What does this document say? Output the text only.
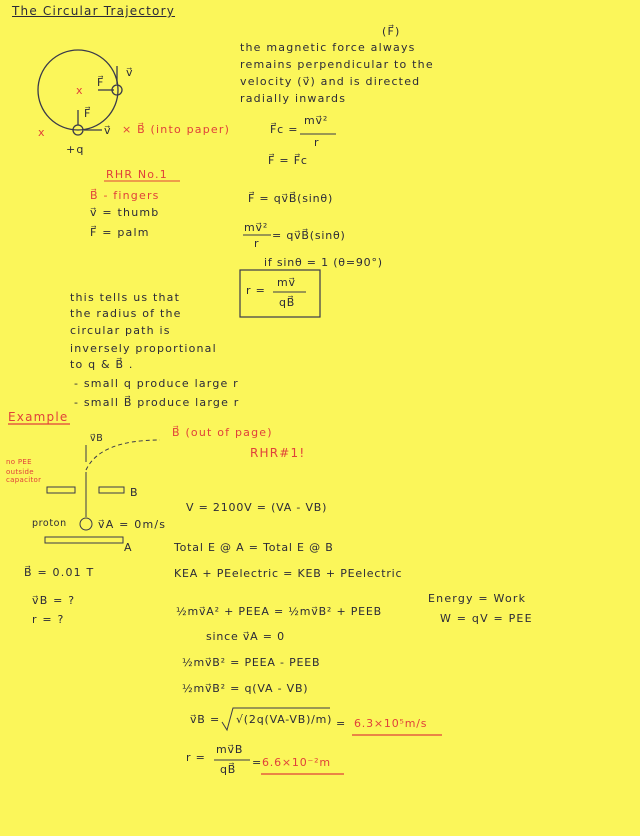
The Circular Trajectory
(F⃗)
the magnetic force always
remains perpendicular to the
velocity (v⃗) and is directed
radially inwards
v⃗
F⃗
F⃗
v⃗ × B⃗ (into paper)
x
x
+q
F⃗c =
mv⃗²
r
F⃗ = F⃗c
F⃗ = qv⃗B⃗(sinθ)
mv⃗²
r
= qv⃗B⃗(sinθ)
if sinθ = 1 (θ=90°)
r =
mv⃗
qB⃗
RHR No.1
B⃗ - fingers
v⃗ = thumb
F⃗ = palm
this tells us that
the radius of the
circular path is
inversely proportional
to q & B⃗ .
- small q produce large r
- small B⃗ produce large r
Example
v⃗B	B⃗ (out of page)
RHR#1!
no PEE
outside
capacitor
B
proton	v⃗A = 0m/s
A
B⃗ = 0.01 T
v⃗B = ?
r = ?
V = 2100V = (VA - VB)
Total E @ A = Total E @ B
KEA + PEelectric = KEB + PEelectric
½mv⃗A² + PEEA = ½mv⃗B² + PEEB
since v⃗A = 0
½mv⃗B² = PEEA - PEEB
½mv⃗B² = q(VA - VB)
Energy = Work
W = qV = PEE
v⃗B = √(2q(VA-VB)/m) = 6.3×10⁵m/s
r =
mv⃗B
qB⃗
= 6.6×10⁻²m
